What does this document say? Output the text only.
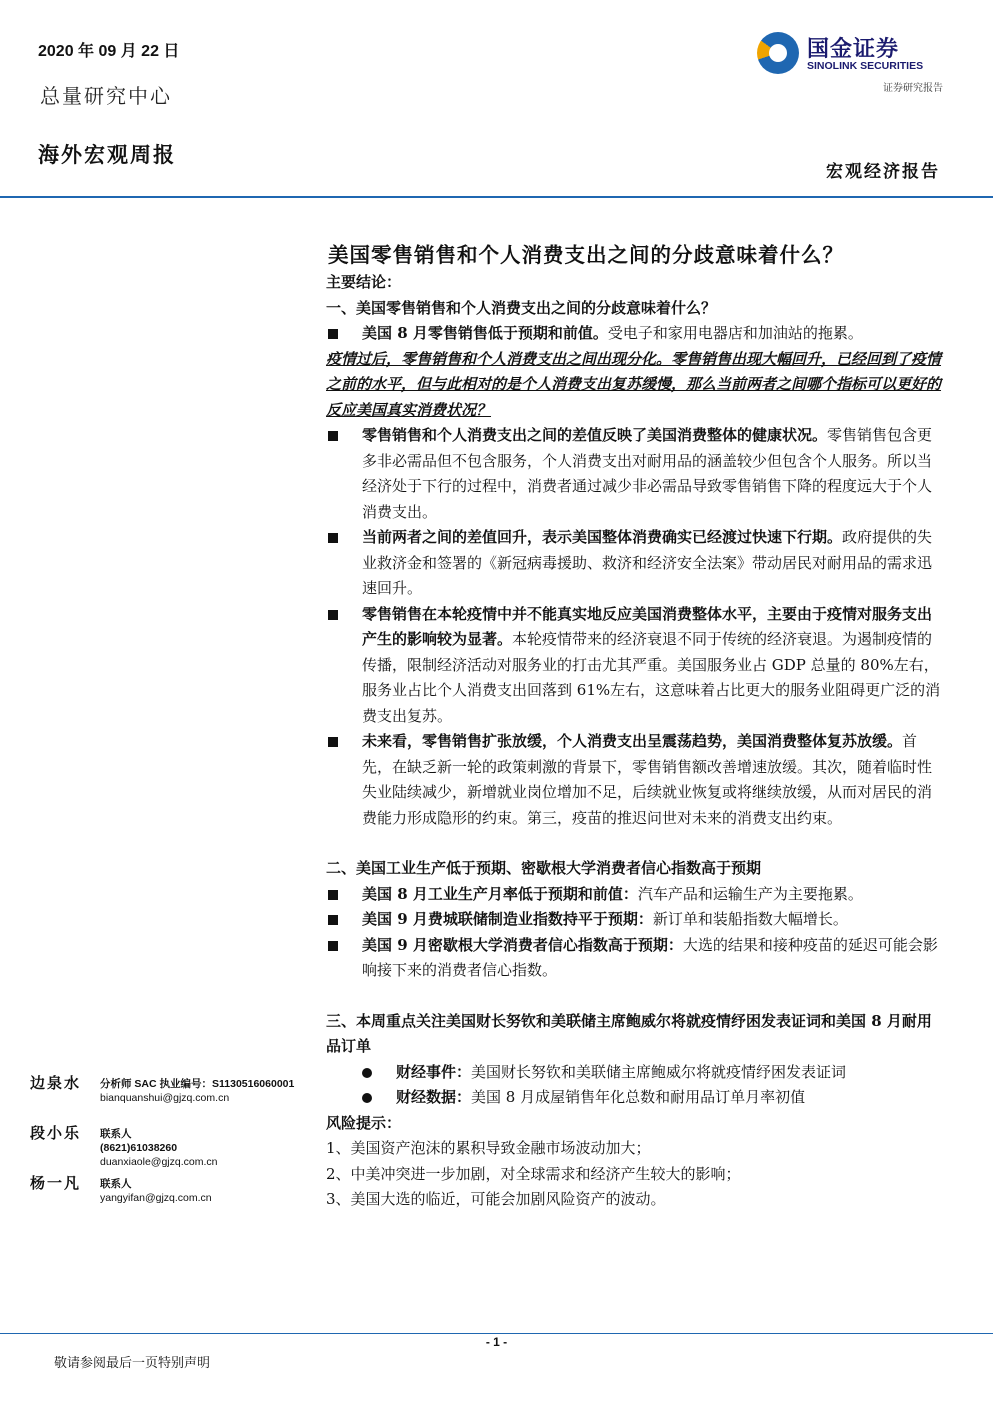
2020 年 09 月 22 日
总量研究中心
海外宏观周报
宏观经济报告
国金证券
SINOLINK SECURITIES
证券研究报告
美国零售销售和个人消费支出之间的分歧意味着什么？

主要结论：

一、美国零售销售和个人消费支出之间的分歧意味着什么？

美国 8 月零售销售低于预期和前值。受电子和家用电器店和加油站的拖累。

疫情过后，零售销售和个人消费支出之间出现分化。零售销售出现大幅回升，已经回到了疫情之前的水平，但与此相对的是个人消费支出复苏缓慢，那么当前两者之间哪个指标可以更好的反应美国真实消费状况？

零售销售和个人消费支出之间的差值反映了美国消费整体的健康状况。零售销售包含更多非必需品但不包含服务，个人消费支出对耐用品的涵盖较少但包含个人服务。所以当经济处于下行的过程中，消费者通过减少非必需品导致零售销售下降的程度远大于个人消费支出。
当前两者之间的差值回升，表示美国整体消费确实已经渡过快速下行期。政府提供的失业救济金和签署的《新冠病毒援助、救济和经济安全法案》带动居民对耐用品的需求迅速回升。
零售销售在本轮疫情中并不能真实地反应美国消费整体水平，主要由于疫情对服务支出产生的影响较为显著。本轮疫情带来的经济衰退不同于传统的经济衰退。为遏制疫情的传播，限制经济活动对服务业的打击尤其严重。美国服务业占 GDP 总量的 80%左右，服务业占比个人消费支出回落到 61%左右，这意味着占比更大的服务业阻碍更广泛的消费支出复苏。
未来看，零售销售扩张放缓，个人消费支出呈震荡趋势，美国消费整体复苏放缓。首先，在缺乏新一轮的政策刺激的背景下，零售销售额改善增速放缓。其次，随着临时性失业陆续减少，新增就业岗位增加不足，后续就业恢复或将继续放缓，从而对居民的消费能力形成隐形的约束。第三，疫苗的推迟问世对未来的消费支出约束。

二、美国工业生产低于预期、密歇根大学消费者信心指数高于预期

美国 8 月工业生产月率低于预期和前值：汽车产品和运输生产为主要拖累。
美国 9 月费城联储制造业指数持平于预期：新订单和装船指数大幅增长。
美国 9 月密歇根大学消费者信心指数高于预期：大选的结果和接种疫苗的延迟可能会影响接下来的消费者信心指数。

三、本周重点关注美国财长努钦和美联储主席鲍威尔将就疫情纾困发表证词和美国 8 月耐用品订单

财经事件：美国财长努钦和美联储主席鲍威尔将就疫情纾困发表证词
财经数据：美国 8 月成屋销售年化总数和耐用品订单月率初值

风险提示：

1、美国资产泡沫的累积导致金融市场波动加大；

2、中美冲突进一步加剧，对全球需求和经济产生较大的影响；

3、美国大选的临近，可能会加剧风险资产的波动。

边泉水 分析师 SAC 执业编号：S1130516060001
bianquanshui@gjzq.com.cn
段小乐 联系人
(8621)61038260
duanxiaole@gjzq.com.cn
杨一凡 联系人
yangyifan@gjzq.com.cn
- 1 -
敬请参阅最后一页特别声明
